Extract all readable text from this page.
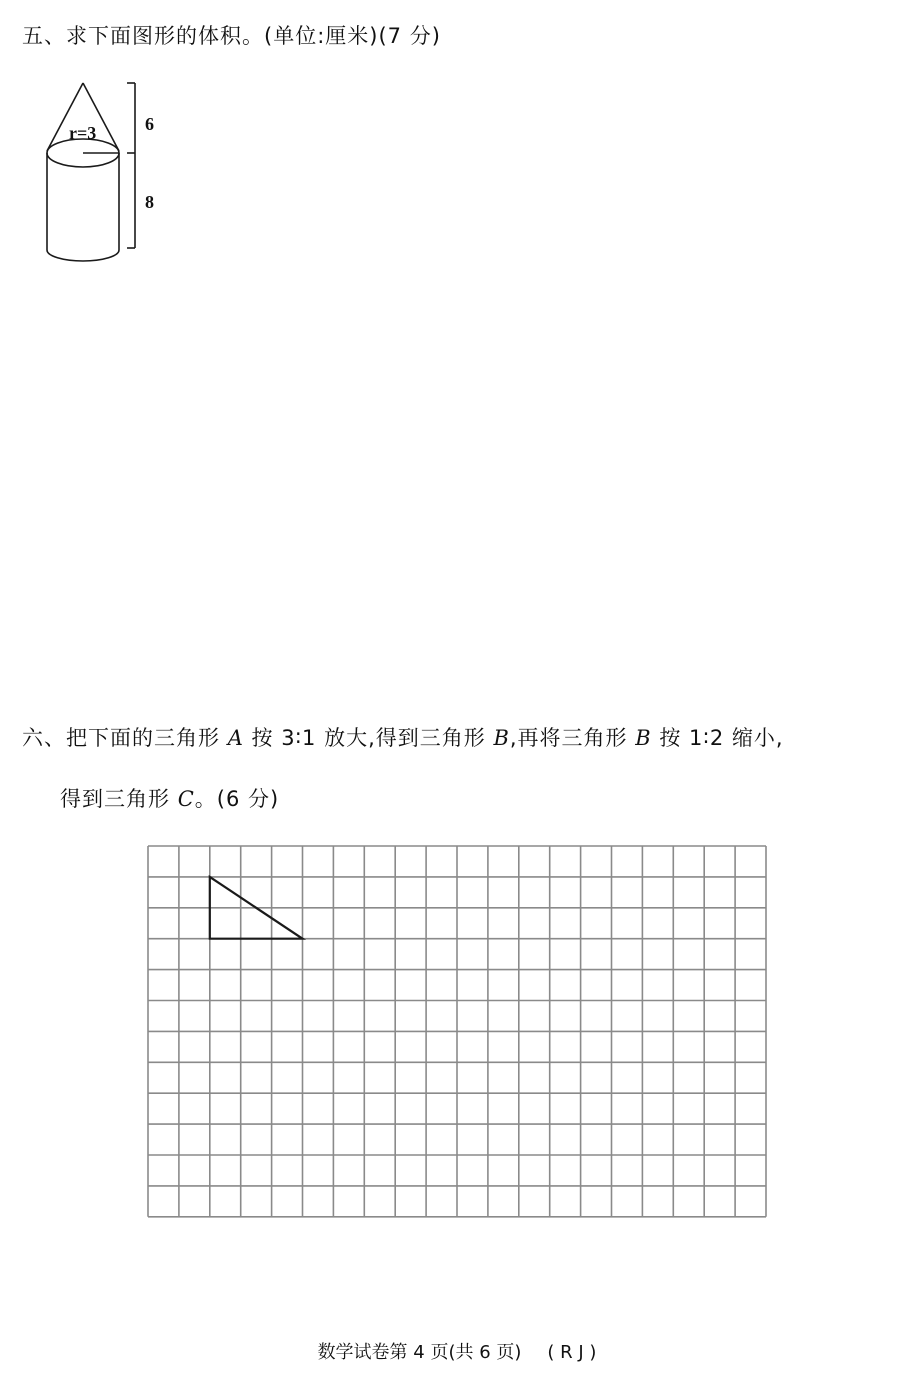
五、求下面图形的体积。(单位:厘米)(7 分)
r=3	6
8
六、把下面的三角形 A 按 3∶1 放大,得到三角形 B,再将三角形 B 按 1∶2 缩小,
得到三角形 C。(6 分)
数学试卷第 4 页(共 6 页) ( R J )
